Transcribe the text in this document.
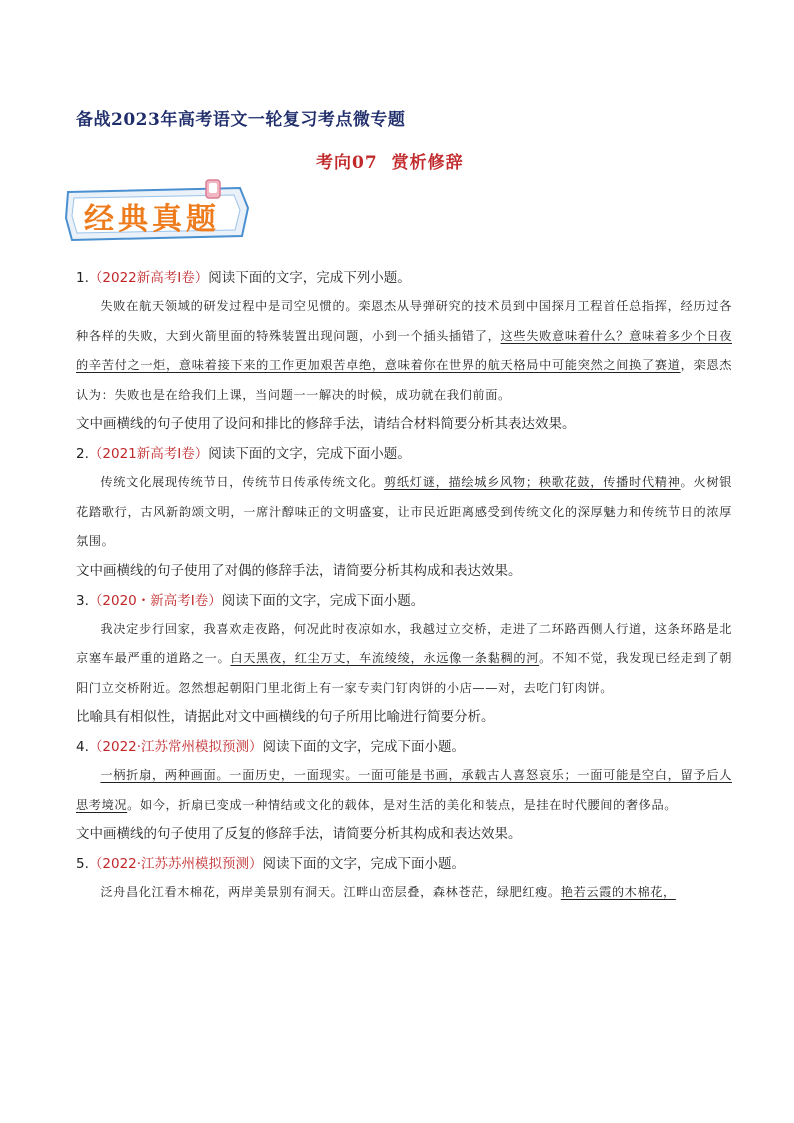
备战2023年高考语文一轮复习考点微专题
考向07 赏析修辞
经典真题
1.（2022新高考I卷）阅读下面的文字，完成下列小题。
失败在航天领域的研发过程中是司空见惯的。栾恩杰从导弹研究的技术员到中国探月工程首任总指挥，经历过各种各样的失败，大到火箭里面的特殊装置出现问题，小到一个插头插错了，这些失败意味着什么？意味着多少个日夜的辛苦付之一炬，意味着接下来的工作更加艰苦卓绝，意味着你在世界的航天格局中可能突然之间换了赛道，栾恩杰认为：失败也是在给我们上课，当问题一一解决的时候，成功就在我们前面。
文中画横线的句子使用了设问和排比的修辞手法，请结合材料简要分析其表达效果。
2.（2021新高考I卷）阅读下面的文字，完成下面小题。
传统文化展现传统节日，传统节日传承传统文化。剪纸灯谜，描绘城乡风物；秧歌花鼓，传播时代精神。火树银花踏歌行，古风新韵颂文明，一席汁醇味正的文明盛宴，让市民近距离感受到传统文化的深厚魅力和传统节日的浓厚氛围。
文中画横线的句子使用了对偶的修辞手法，请简要分析其构成和表达效果。
3.（2020・新高考I卷）阅读下面的文字，完成下面小题。
我决定步行回家，我喜欢走夜路，何况此时夜凉如水，我越过立交桥，走进了二环路西侧人行道，这条环路是北京塞车最严重的道路之一。白天黑夜，红尘万丈，车流绫绫，永远像一条黏稠的河。不知不觉，我发现已经走到了朝阳门立交桥附近。忽然想起朝阳门里北街上有一家专卖门钉肉饼的小店——对，去吃门钉肉饼。
比喻具有相似性，请据此对文中画横线的句子所用比喻进行简要分析。
4.（2022·江苏常州模拟预测）阅读下面的文字，完成下面小题。
一柄折扇，两种画面。一面历史，一面现实。一面可能是书画，承载古人喜怒哀乐；一面可能是空白，留予后人思考境况。如今，折扇已变成一种情结或文化的载体，是对生活的美化和装点，是挂在时代腰间的奢侈品。
文中画横线的句子使用了反复的修辞手法，请简要分析其构成和表达效果。
5.（2022·江苏苏州模拟预测）阅读下面的文字，完成下面小题。
泛舟昌化江看木棉花，两岸美景别有洞天。江畔山峦层叠，森林苍茫，绿肥红瘦。艳若云霞的木棉花，
